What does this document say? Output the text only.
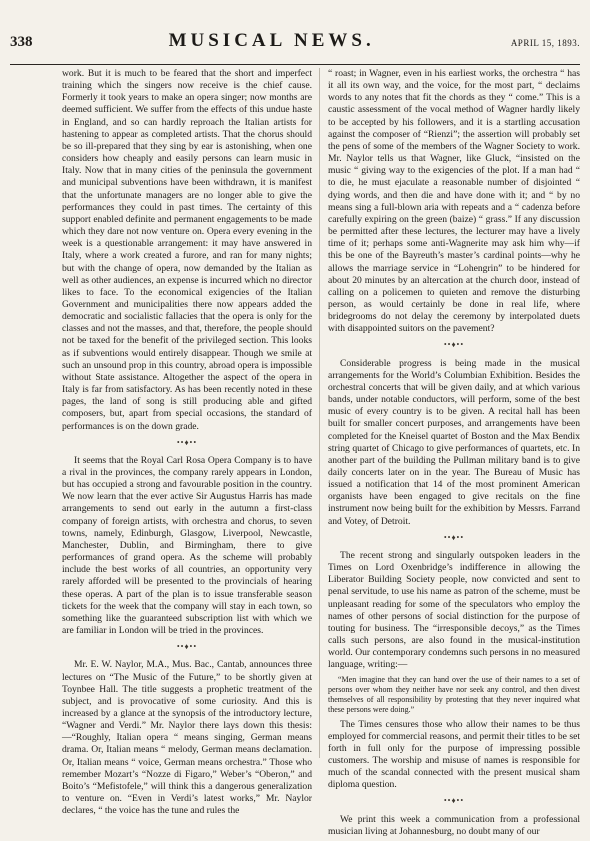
338	MUSICAL NEWS.	APRIL 15, 1893.

work. But it is much to be feared that the short and imperfect training which the singers now receive is the chief cause. Formerly it took years to make an opera singer; now months are deemed sufficient. We suffer from the effects of this undue haste in England, and so can hardly reproach the Italian artists for hastening to appear as completed artists. That the chorus should be so ill-prepared that they sing by ear is astonishing, when one considers how cheaply and easily persons can learn music in Italy. Now that in many cities of the peninsula the government and municipal subventions have been withdrawn, it is manifest that the unfortunate managers are no longer able to give the performances they could in past times. The certainty of this support enabled definite and permanent engagements to be made which they dare not now venture on. Opera every evening in the week is a questionable arrangement: it may have answered in Italy, where a work created a furore, and ran for many nights; but with the change of opera, now demanded by the Italian as well as other audiences, an expense is incurred which no director likes to face. To the economical exigencies of the Italian Government and municipalities there now appears added the democratic and socialistic fallacies that the opera is only for the classes and not the masses, and that, therefore, the people should not be taxed for the benefit of the privileged section. This looks as if subventions would entirely disappear. Though we smile at such an unsound prop in this country, abroad opera is impossible without State assistance. Altogether the aspect of the opera in Italy is far from satisfactory. As has been recently noted in these pages, the land of song is still producing able and gifted composers, but, apart from special occasions, the standard of performances is on the down grade.

••♦••

It seems that the Royal Carl Rosa Opera Company is to have a rival in the provinces, the company rarely appears in London, but has occupied a strong and favourable position in the country. We now learn that the ever active Sir Augustus Harris has made arrangements to send out early in the autumn a first-class company of foreign artists, with orchestra and chorus, to seven towns, namely, Edinburgh, Glasgow, Liverpool, Newcastle, Manchester, Dublin, and Birmingham, there to give performances of grand opera. As the scheme will probably include the best works of all countries, an opportunity very rarely afforded will be presented to the provincials of hearing these operas. A part of the plan is to issue transferable season tickets for the week that the company will stay in each town, so something like the guaranteed subscription list with which we are familiar in London will be tried in the provinces.

••♦••

Mr. E. W. Naylor, M.A., Mus. Bac., Cantab, announces three lectures on “The Music of the Future,” to be shortly given at Toynbee Hall. The title suggests a prophetic treatment of the subject, and is provocative of some curiosity. And this is increased by a glance at the synopsis of the introductory lecture, “Wagner and Verdi.” Mr. Naylor there lays down this thesis:—“Roughly, Italian opera “ means singing, German means drama. Or, Italian means “ melody, German means declamation. Or, Italian means “ voice, German means orchestra.” Those who remember Mozart’s “Nozze di Figaro,” Weber’s “Oberon,” and Boito’s “Mefistofele,” will think this a dangerous generalization to venture on. “Even in Verdi’s latest works,” Mr. Naylor declares, “ the voice has the tune and rules the

“ roast; in Wagner, even in his earliest works, the orchestra “ has it all its own way, and the voice, for the most part, “ declaims words to any notes that fit the chords as they “ come.” This is a caustic assessment of the vocal method of Wagner hardly likely to be accepted by his followers, and it is a startling accusation against the composer of “Rienzi”; the assertion will probably set the pens of some of the members of the Wagner Society to work. Mr. Naylor tells us that Wagner, like Gluck, “insisted on the music “ giving way to the exigencies of the plot. If a man had “ to die, he must ejaculate a reasonable number of disjointed “ dying words, and then die and have done with it; and “ by no means sing a full-blown aria with repeats and a “ cadenza before carefully expiring on the green (baize) “ grass.” If any discussion be permitted after these lectures, the lecturer may have a lively time of it; perhaps some anti-Wagnerite may ask him why—if this be one of the Bayreuth’s master’s cardinal points—why he allows the marriage service in “Lohengrin” to be hindered for about 20 minutes by an altercation at the church door, instead of calling on a policemen to quieten and remove the disturbing person, as would certainly be done in real life, where bridegrooms do not delay the ceremony by interpolated duets with disappointed suitors on the pavement?

••♦••

Considerable progress is being made in the musical arrangements for the World’s Columbian Exhibition. Besides the orchestral concerts that will be given daily, and at which various bands, under notable conductors, will perform, some of the best music of every country is to be given. A recital hall has been built for smaller concert purposes, and arrangements have been completed for the Kneisel quartet of Boston and the Max Bendix string quartet of Chicago to give performances of quartets, etc. In another part of the building the Pullman military band is to give daily concerts later on in the year. The Bureau of Music has issued a notification that 14 of the most prominent American organists have been engaged to give recitals on the fine instrument now being built for the exhibition by Messrs. Farrand and Votey, of Detroit.

••♦••

The recent strong and singularly outspoken leaders in the Times on Lord Oxenbridge’s indifference in allowing the Liberator Building Society people, now convicted and sent to penal servitude, to use his name as patron of the scheme, must be unpleasant reading for some of the speculators who employ the names of other persons of social distinction for the purpose of touting for business. The “irresponsible decoys,” as the Times calls such persons, are also found in the musical-institution world. Our contemporary condemns such persons in no measured language, writing:—

“Men imagine that they can hand over the use of their names to a set of persons over whom they neither have nor seek any control, and then divest themselves of all responsibility by protesting that they never inquired what these persons were doing.”

The Times censures those who allow their names to be thus employed for commercial reasons, and permit their titles to be set forth in full only for the purpose of impressing possible customers. The worship and misuse of names is responsible for much of the scandal connected with the present musical sham diploma question.

••♦••

We print this week a communication from a professional musician living at Johannesburg, no doubt many of our
